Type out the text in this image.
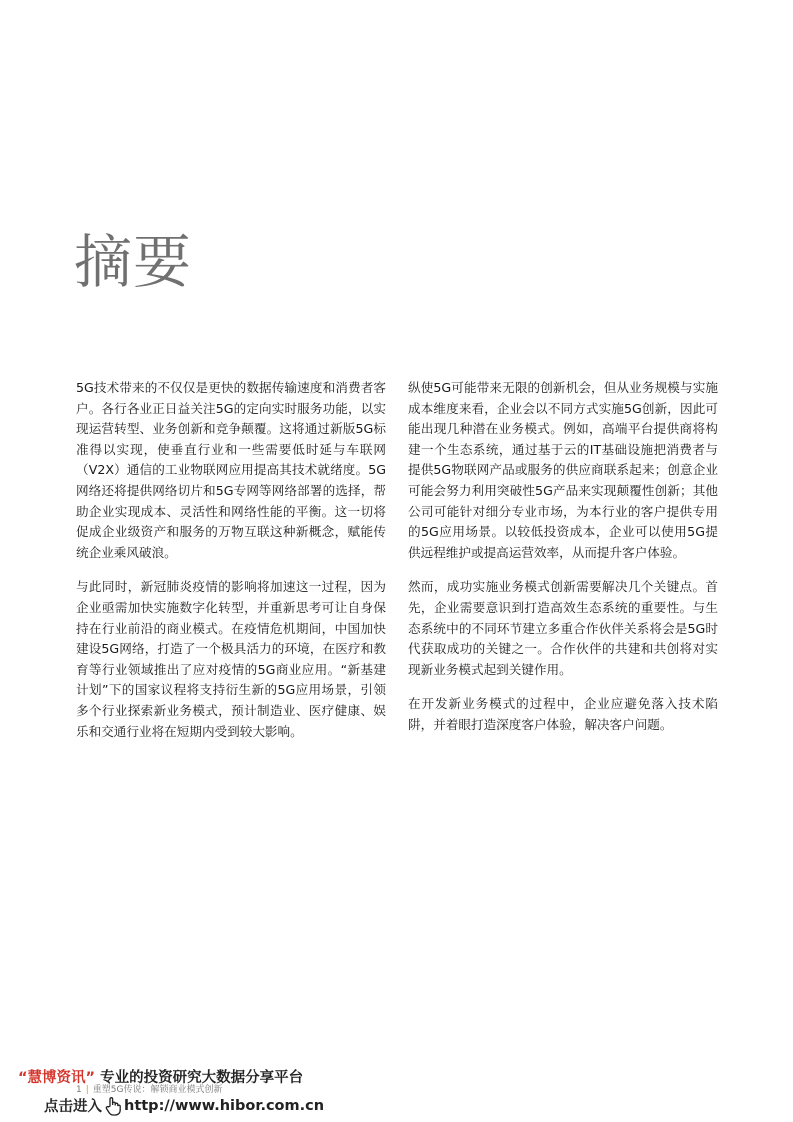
摘要

5G技术带来的不仅仅是更快的数据传输速度和消费者客户。各行各业正日益关注5G的定向实时服务功能，以实现运营转型、业务创新和竞争颠覆。这将通过新版5G标准得以实现，使垂直行业和一些需要低时延与车联网（V2X）通信的工业物联网应用提高其技术就绪度。5G网络还将提供网络切片和5G专网等网络部署的选择，帮助企业实现成本、灵活性和网络性能的平衡。这一切将促成企业级资产和服务的万物互联这种新概念，赋能传统企业乘风破浪。

与此同时，新冠肺炎疫情的影响将加速这一过程，因为企业亟需加快实施数字化转型，并重新思考可让自身保持在行业前沿的商业模式。在疫情危机期间，中国加快建设5G网络，打造了一个极具活力的环境，在医疗和教育等行业领域推出了应对疫情的5G商业应用。“新基建计划”下的国家议程将支持衍生新的5G应用场景，引领多个行业探索新业务模式，预计制造业、医疗健康、娱乐和交通行业将在短期内受到较大影响。

纵使5G可能带来无限的创新机会，但从业务规模与实施成本维度来看，企业会以不同方式实施5G创新，因此可能出现几种潜在业务模式。例如，高端平台提供商将构建一个生态系统，通过基于云的IT基础设施把消费者与提供5G物联网产品或服务的供应商联系起来；创意企业可能会努力利用突破性5G产品来实现颠覆性创新；其他公司可能针对细分专业市场，为本行业的客户提供专用的5G应用场景。以较低投资成本，企业可以使用5G提供远程维护或提高运营效率，从而提升客户体验。

然而，成功实施业务模式创新需要解决几个关键点。首先，企业需要意识到打造高效生态系统的重要性。与生态系统中的不同环节建立多重合作伙伴关系将会是5G时代获取成功的关键之一。合作伙伴的共建和共创将对实现新业务模式起到关键作用。

在开发新业务模式的过程中，企业应避免落入技术陷阱，并着眼打造深度客户体验，解决客户问题。

“慧博资讯” 专业的投资研究大数据分享平台
1 | 重塑5G传说：解锁商业模式创新
点击进入 http://www.hibor.com.cn
